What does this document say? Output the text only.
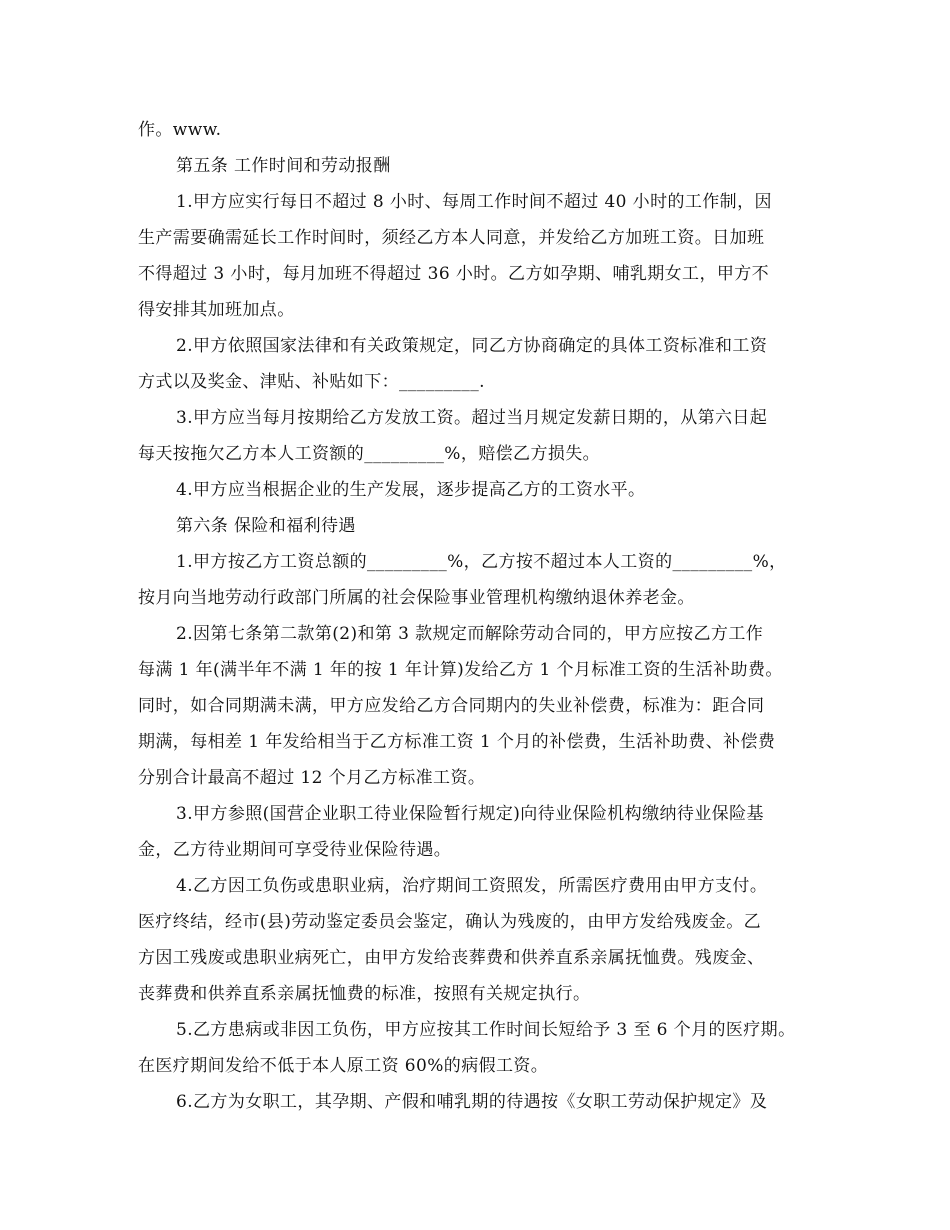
作。www.
第五条 工作时间和劳动报酬
1.甲方应实行每日不超过 8 小时、每周工作时间不超过 40 小时的工作制，因
生产需要确需延长工作时间时，须经乙方本人同意，并发给乙方加班工资。日加班
不得超过 3 小时，每月加班不得超过 36 小时。乙方如孕期、哺乳期女工，甲方不
得安排其加班加点。
2.甲方依照国家法律和有关政策规定，同乙方协商确定的具体工资标准和工资
方式以及奖金、津贴、补贴如下：_________.
3.甲方应当每月按期给乙方发放工资。超过当月规定发薪日期的，从第六日起
每天按拖欠乙方本人工资额的_________%，赔偿乙方损失。
4.甲方应当根据企业的生产发展，逐步提高乙方的工资水平。
第六条 保险和福利待遇
1.甲方按乙方工资总额的_________%，乙方按不超过本人工资的_________%，
按月向当地劳动行政部门所属的社会保险事业管理机构缴纳退休养老金。
2.因第七条第二款第(2)和第 3 款规定而解除劳动合同的，甲方应按乙方工作
每满 1 年(满半年不满 1 年的按 1 年计算)发给乙方 1 个月标准工资的生活补助费。
同时，如合同期满未满，甲方应发给乙方合同期内的失业补偿费，标准为：距合同
期满，每相差 1 年发给相当于乙方标准工资 1 个月的补偿费，生活补助费、补偿费
分别合计最高不超过 12 个月乙方标准工资。
3.甲方参照(国营企业职工待业保险暂行规定)向待业保险机构缴纳待业保险基
金，乙方待业期间可享受待业保险待遇。
4.乙方因工负伤或患职业病，治疗期间工资照发，所需医疗费用由甲方支付。
医疗终结，经市(县)劳动鉴定委员会鉴定，确认为残废的，由甲方发给残废金。乙
方因工残废或患职业病死亡，由甲方发给丧葬费和供养直系亲属抚恤费。残废金、
丧葬费和供养直系亲属抚恤费的标准，按照有关规定执行。
5.乙方患病或非因工负伤，甲方应按其工作时间长短给予 3 至 6 个月的医疗期。
在医疗期间发给不低于本人原工资 60%的病假工资。
6.乙方为女职工，其孕期、产假和哺乳期的待遇按《女职工劳动保护规定》及
